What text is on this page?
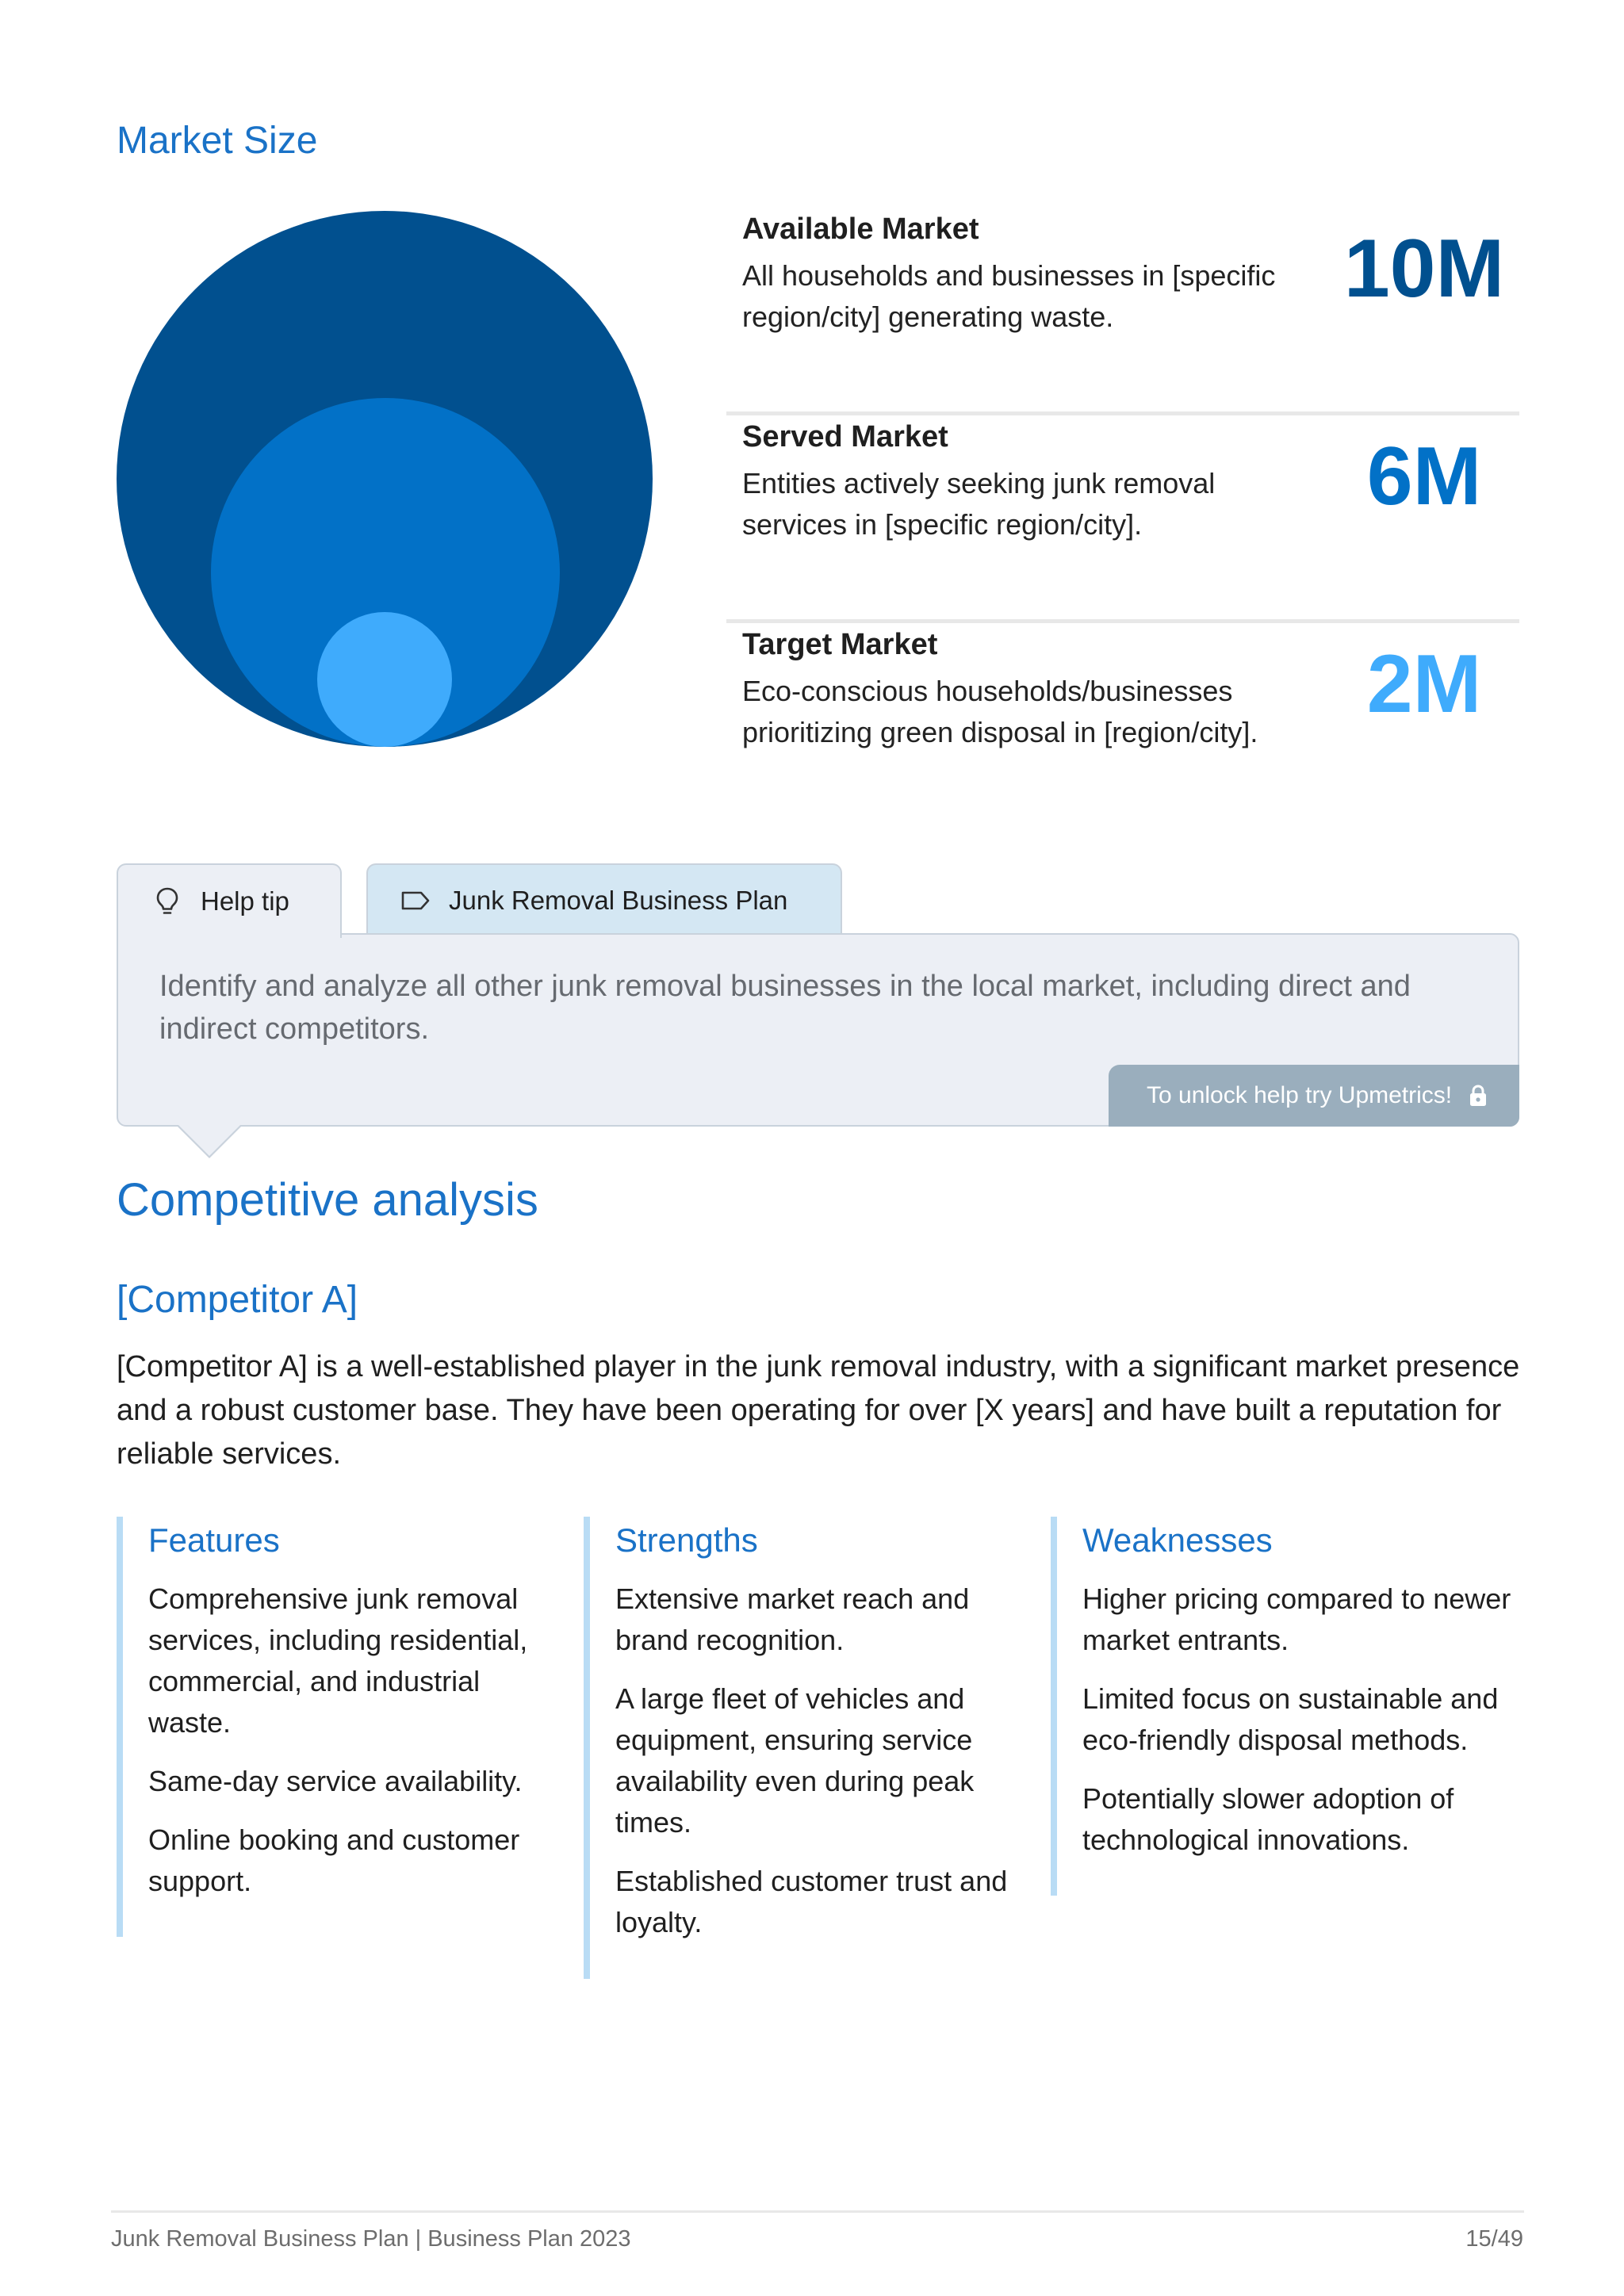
Market Size
Available Market
All households and businesses in [specific region/city] generating waste.
10M
Served Market
Entities actively seeking junk removal services in [specific region/city].
6M
Target Market
Eco-conscious households/businesses prioritizing green disposal in [region/city].
2M
Help tip	Junk Removal Business Plan
Identify and analyze all other junk removal businesses in the local market, including direct and indirect competitors.
To unlock help try Upmetrics!
Competitive analysis
[Competitor A]
[Competitor A] is a well-established player in the junk removal industry, with a significant market presence and a robust customer base. They have been operating for over [X years] and have built a reputation for reliable services.
Features
Comprehensive junk removal services, including residential, commercial, and industrial waste.
Same-day service availability.
Online booking and customer support.
Strengths
Extensive market reach and brand recognition.
A large fleet of vehicles and equipment, ensuring service availability even during peak times.
Established customer trust and loyalty.
Weaknesses
Higher pricing compared to newer market entrants.
Limited focus on sustainable and eco-friendly disposal methods.
Potentially slower adoption of technological innovations.
Junk Removal Business Plan | Business Plan 2023	15/49
